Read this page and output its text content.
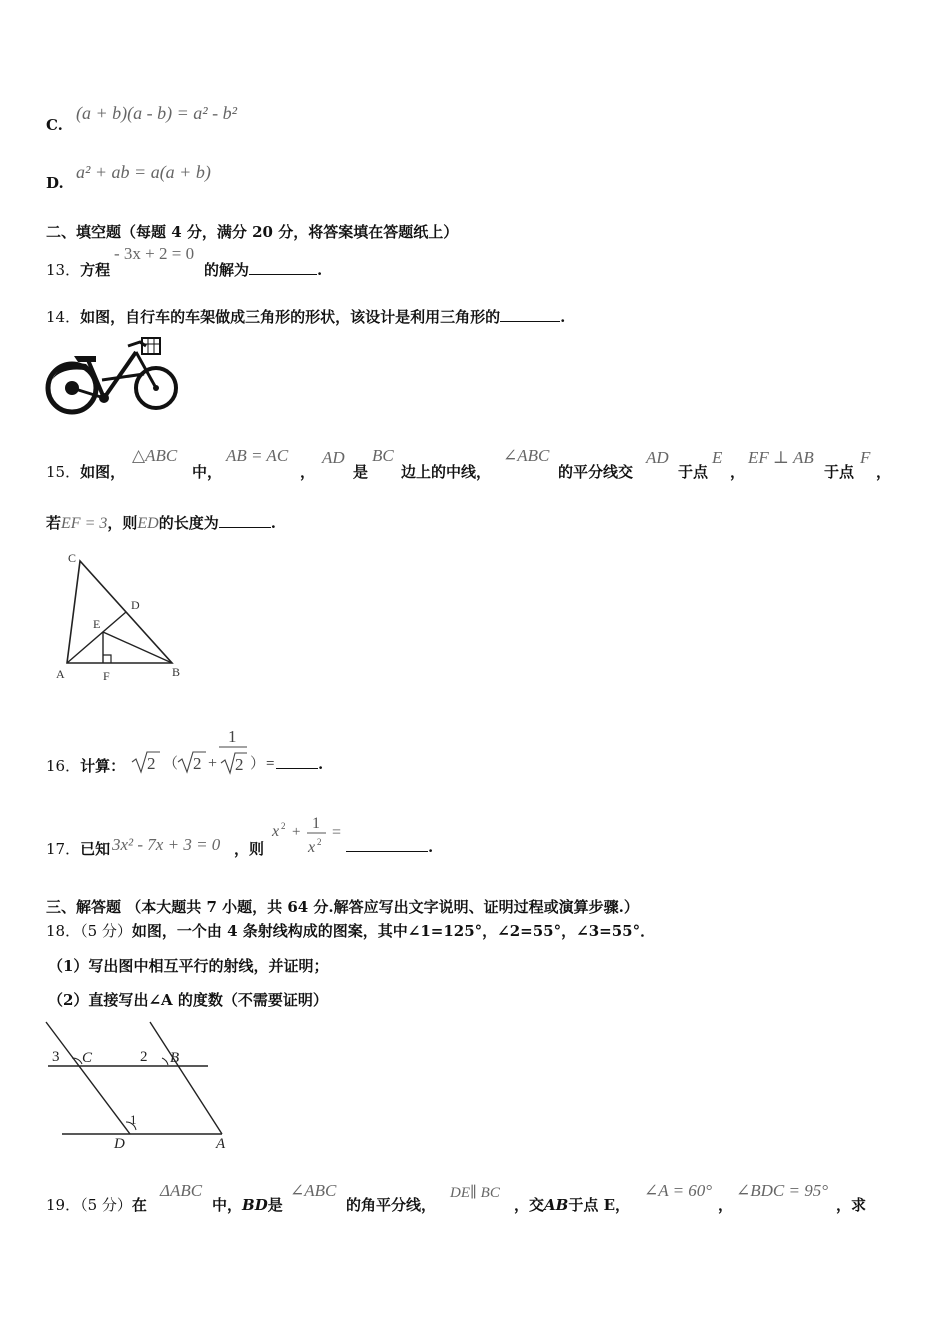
C.
(a + b)(a - b) = a² - b²
D.
a² + ab = a(a + b)
二、填空题（每题 4 分，满分 20 分，将答案填在答题纸上）
13．方程
- 3x + 2 = 0
的解为	.
14．如图，自行车的车架做成三角形的形状，该设计是利用三角形的	.
15．如图，
△ABC
中，
AB = AC
，
AD
是
BC
边上的中线，
∠ABC
的平分线交
AD
于点
E
，
EF ⊥ AB
于点
F
，
若EF = 3，则ED的长度为	.
C
D
E
A	F	B
16．计算： 2 （ 2 +
1
2 ） =	.
17．已知 3x² - 7x + 3 = 0 ，则
x 2 + 1
x 2
=
.
三、解答题 （本大题共 7 小题，共 64 分.解答应写出文字说明、证明过程或演算步骤.）
18．（5 分）如图，一个由 4 条射线构成的图案，其中∠1=125°，∠2=55°，∠3=55°．
（1）写出图中相互平行的射线，并证明；
（2）直接写出∠A 的度数（不需要证明）
3 C	2 B
1
D	A
19．（5 分）在
ΔABC
中，BD是
∠ABC
的角平分线，
DE∥ BC
，交AB于点 E，
∠A = 60°
，
∠BDC = 95°
，求
